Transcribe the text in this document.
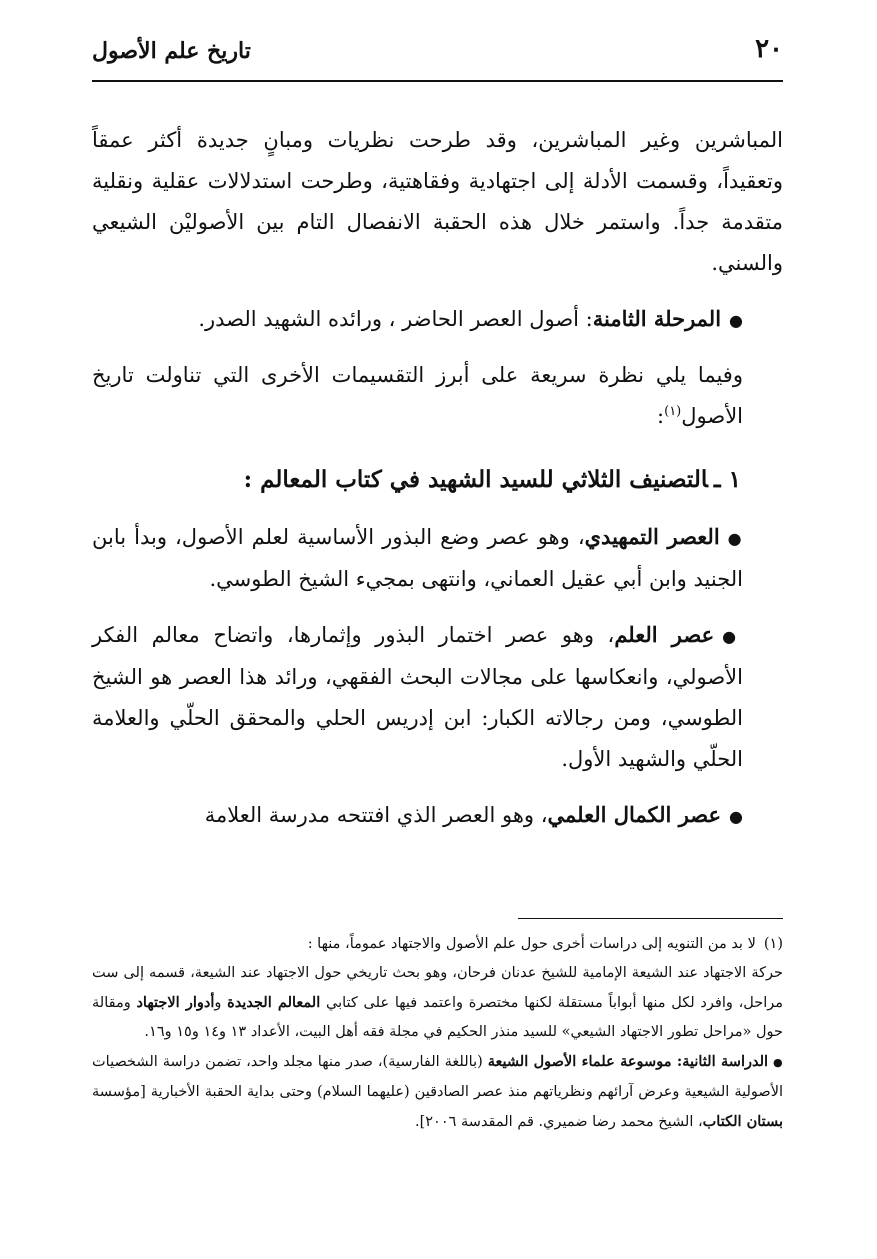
تاريخ علم الأصول	٢٠

المباشرين وغير المباشرين، وقد طرحت نظريات ومبانٍ جديدة أكثر عمقاً وتعقيداً، وقسمت الأدلة إلى اجتهادية وفقاهتية، وطرحت استدلالات عقلية ونقلية متقدمة جداً. واستمر خلال هذه الحقبة الانفصال التام بين الأصوليْن الشيعي والسني.

●المرحلة الثامنة: أصول العصر الحاضر ، ورائده الشهيد الصدر.

وفيما يلي نظرة سريعة على أبرز التقسيمات الأخرى التي تناولت تاريخ الأصول$^{(١)}$:

١ ـالتصنيف الثلاثي للسيد الشهيد في كتاب المعالم :

●العصر التمهيدي، وهو عصر وضع البذور الأساسية لعلم الأصول، وبدأ بابن الجنيد وابن أبي عقيل العماني، وانتهى بمجيء الشيخ الطوسي.

●عصر العلم، وهو عصر اختمار البذور وإثمارها، واتضاح معالم الفكر الأصولي، وانعكاسها على مجالات البحث الفقهي، ورائد هذا العصر هو الشيخ الطوسي، ومن رجالاته الكبار: ابن إدريس الحلي والمحقق الحلّي والعلامة الحلّي والشهيد الأول.

●عصر الكمال العلمي، وهو العصر الذي افتتحه مدرسة العلامة

(١)لا بد من التنويه إلى دراسات أخرى حول علم الأصول والاجتهاد عموماً، منها :

حركة الاجتهاد عند الشيعة الإمامية للشيخ عدنان فرحان، وهو بحث تاريخي حول الاجتهاد عند الشيعة، قسمه إلى ست مراحل، وافرد لكل منها أبواباً مستقلة لكنها مختصرة واعتمد فيها على كتابي المعالم الجديدة وأدوار الاجتهاد ومقالة حول «مراحل تطور الاجتهاد الشيعي» للسيد منذر الحكيم في مجلة فقه أهل البيت، الأعداد ١٣ و١٤ و١٥ و١٦.

●الدراسة الثانية: موسوعة علماء الأصول الشيعة (باللغة الفارسية)، صدر منها مجلد واحد، تضمن دراسة الشخصيات الأصولية الشيعية وعرض آرائهم ونظرياتهم منذ عصر الصادقين (عليهما السلام) وحتى بداية الحقبة الأخبارية [مؤسسة بستان الكتاب، الشيخ محمد رضا ضميري. قم المقدسة ٢٠٠٦].
